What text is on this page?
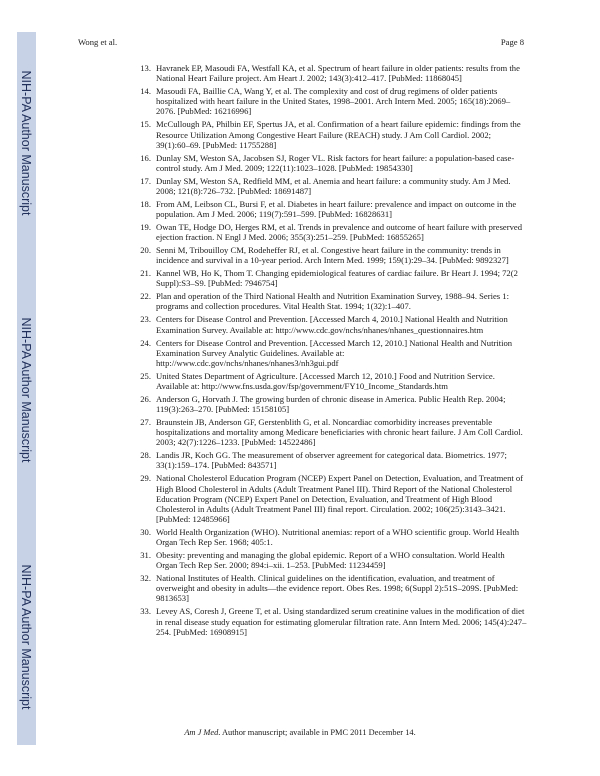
NIH-PA Author Manuscript
NIH-PA Author Manuscript
NIH-PA Author Manuscript
Wong et al.	Page 8
13. Havranek EP, Masoudi FA, Westfall KA, et al. Spectrum of heart failure in older patients: results from the National Heart Failure project. Am Heart J. 2002; 143(3):412–417. [PubMed: 11868045]
14. Masoudi FA, Baillie CA, Wang Y, et al. The complexity and cost of drug regimens of older patients hospitalized with heart failure in the United States, 1998–2001. Arch Intern Med. 2005; 165(18):2069–2076. [PubMed: 16216996]
15. McCullough PA, Philbin EF, Spertus JA, et al. Confirmation of a heart failure epidemic: findings from the Resource Utilization Among Congestive Heart Failure (REACH) study. J Am Coll Cardiol. 2002; 39(1):60–69. [PubMed: 11755288]
16. Dunlay SM, Weston SA, Jacobsen SJ, Roger VL. Risk factors for heart failure: a population-based case-control study. Am J Med. 2009; 122(11):1023–1028. [PubMed: 19854330]
17. Dunlay SM, Weston SA, Redfield MM, et al. Anemia and heart failure: a community study. Am J Med. 2008; 121(8):726–732. [PubMed: 18691487]
18. From AM, Leibson CL, Bursi F, et al. Diabetes in heart failure: prevalence and impact on outcome in the population. Am J Med. 2006; 119(7):591–599. [PubMed: 16828631]
19. Owan TE, Hodge DO, Herges RM, et al. Trends in prevalence and outcome of heart failure with preserved ejection fraction. N Engl J Med. 2006; 355(3):251–259. [PubMed: 16855265]
20. Senni M, Tribouilloy CM, Rodeheffer RJ, et al. Congestive heart failure in the community: trends in incidence and survival in a 10-year period. Arch Intern Med. 1999; 159(1):29–34. [PubMed: 9892327]
21. Kannel WB, Ho K, Thom T. Changing epidemiological features of cardiac failure. Br Heart J. 1994; 72(2 Suppl):S3–S9. [PubMed: 7946754]
22. Plan and operation of the Third National Health and Nutrition Examination Survey, 1988–94. Series 1: programs and collection procedures. Vital Health Stat. 1994; 1(32):1–407.
23. Centers for Disease Control and Prevention. [Accessed March 4, 2010.] National Health and Nutrition Examination Survey. Available at: http://www.cdc.gov/nchs/nhanes/nhanes_questionnaires.htm
24. Centers for Disease Control and Prevention. [Accessed March 12, 2010.] National Health and Nutrition Examination Survey Analytic Guidelines. Available at: http://www.cdc.gov/nchs/nhanes/nhanes3/nh3gui.pdf
25. United States Department of Agriculture. [Accessed March 12, 2010.] Food and Nutrition Service. Available at: http://www.fns.usda.gov/fsp/government/FY10_Income_Standards.htm
26. Anderson G, Horvath J. The growing burden of chronic disease in America. Public Health Rep. 2004; 119(3):263–270. [PubMed: 15158105]
27. Braunstein JB, Anderson GF, Gerstenblith G, et al. Noncardiac comorbidity increases preventable hospitalizations and mortality among Medicare beneficiaries with chronic heart failure. J Am Coll Cardiol. 2003; 42(7):1226–1233. [PubMed: 14522486]
28. Landis JR, Koch GG. The measurement of observer agreement for categorical data. Biometrics. 1977; 33(1):159–174. [PubMed: 843571]
29. National Cholesterol Education Program (NCEP) Expert Panel on Detection, Evaluation, and Treatment of High Blood Cholesterol in Adults (Adult Treatment Panel III). Third Report of the National Cholesterol Education Program (NCEP) Expert Panel on Detection, Evaluation, and Treatment of High Blood Cholesterol in Adults (Adult Treatment Panel III) final report. Circulation. 2002; 106(25):3143–3421. [PubMed: 12485966]
30. World Health Organization (WHO). Nutritional anemias: report of a WHO scientific group. World Health Organ Tech Rep Ser. 1968; 405:1.
31. Obesity: preventing and managing the global epidemic. Report of a WHO consultation. World Health Organ Tech Rep Ser. 2000; 894:i–xii. 1–253. [PubMed: 11234459]
32. National Institutes of Health. Clinical guidelines on the identification, evaluation, and treatment of overweight and obesity in adults—the evidence report. Obes Res. 1998; 6(Suppl 2):51S–209S. [PubMed: 9813653]
33. Levey AS, Coresh J, Greene T, et al. Using standardized serum creatinine values in the modification of diet in renal disease study equation for estimating glomerular filtration rate. Ann Intern Med. 2006; 145(4):247–254. [PubMed: 16908915]
Am J Med. Author manuscript; available in PMC 2011 December 14.
